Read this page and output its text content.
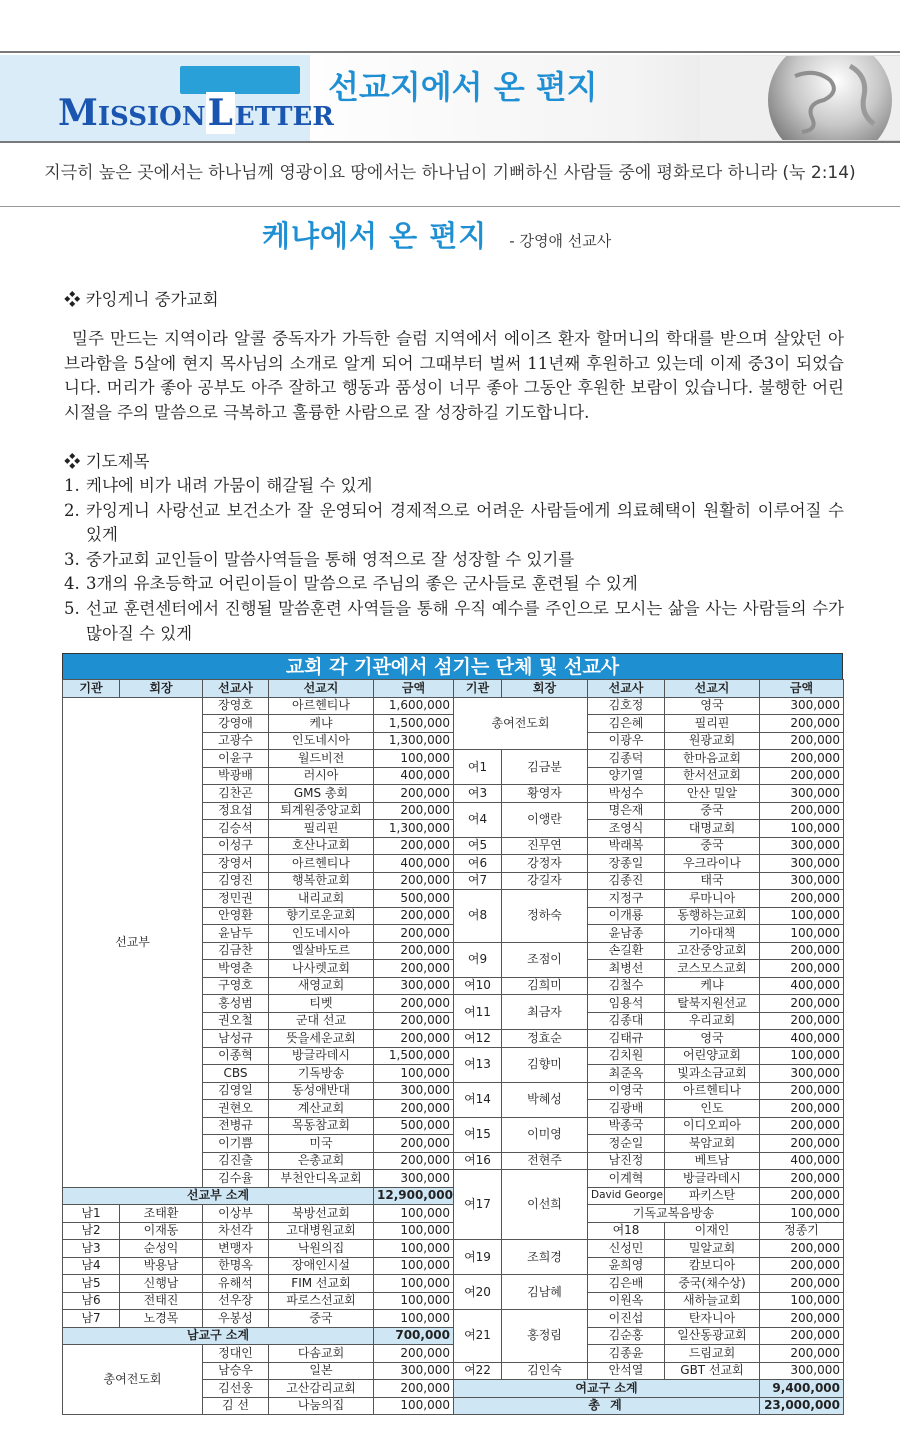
MISSIONLETTER
선교지에서 온 편지
지극히 높은 곳에서는 하나님께 영광이요 땅에서는 하나님이 기뻐하신 사람들 중에 평화로다 하니라 (눅 2:14)
케냐에서 온 편지 - 강영애 선교사
❖ 카잉게니 중가교회
밀주 만드는 지역이라 알콜 중독자가 가득한 슬럼 지역에서 에이즈 환자 할머니의 학대를 받으며 살았던 아브라함을 5살에 현지 목사님의 소개로 알게 되어 그때부터 벌써 11년째 후원하고 있는데 이제 중3이 되었습니다. 머리가 좋아 공부도 아주 잘하고 행동과 품성이 너무 좋아 그동안 후원한 보람이 있습니다. 불행한 어린시절을 주의 말씀으로 극복하고 훌륭한 사람으로 잘 성장하길 기도합니다.
❖ 기도제목
1. 케냐에 비가 내려 가뭄이 해갈될 수 있게
2. 카잉게니 사랑선교 보건소가 잘 운영되어 경제적으로 어려운 사람들에게 의료혜택이 원활히 이루어질 수 있게
3. 중가교회 교인들이 말씀사역들을 통해 영적으로 잘 성장할 수 있기를
4. 3개의 유초등학교 어린이들이 말씀으로 주님의 좋은 군사들로 훈련될 수 있게
5. 선교 훈련센터에서 진행될 말씀훈련 사역들을 통해 우직 예수를 주인으로 모시는 삶을 사는 사람들의 수가 많아질 수 있게
교회 각 기관에서 섬기는 단체 및 선교사
기관	회장	선교사	선교지	금액	기관	회장	선교사	선교지	금액	
선교부		장영호	아르헨티나	1,600,000	총여전도회		김호정	영국	300,000	
		강영애	케냐	1,500,000			김은혜	필리핀	200,000	
		고광수	인도네시아	1,300,000			이광우	원광교회	200,000	
		이윤구	월드비전	100,000	여1	김금분	김종덕	한마음교회	200,000	
		박광배	러시아	400,000			양기열	한서선교회	200,000	
		김찬곤	GMS 총회	200,000	여3	황영자	박성수	안산 밀알	300,000	
		정요섭	퇴계원중앙교회	200,000	여4	이앵란	명은재	중국	200,000	
		김승석	필리핀	1,300,000			조영식	대명교회	100,000	
		이성구	호산나교회	200,000	여5	진무연	박래복	중국	300,000	
		장영서	아르헨티나	400,000	여6	강정자	장종일	우크라이나	300,000	
		김영진	행복한교회	200,000	여7	강길자	김종진	태국	300,000	
		정민권	내리교회	500,000	여8	정하숙	지정구	루마니아	200,000	
		안영환	향기로운교회	200,000			이개룡	동행하는교회	100,000	
		윤남두	인도네시아	200,000			윤남종	기아대책	100,000	
		김금찬	엘살바도르	200,000	여9	조점이	손길환	고잔중앙교회	200,000	
		박영춘	나사렛교회	200,000			최병선	코스모스교회	200,000	
		구영호	새영교회	300,000	여10	김희미	김철수	케냐	400,000	
		홍성범	티벳	200,000	여11	최금자	임용석	탈북지원선교	200,000	
		권오철	군대 선교	200,000			김종대	우리교회	200,000	
		남성규	뜻을세운교회	200,000	여12	정효순	김태규	영국	400,000	
		이종혁	방글라데시	1,500,000	여13	김향미	김치원	어린양교회	100,000	
		CBS	기독방송	100,000			최준옥	빛과소금교회	300,000	
		김영일	동성애반대	300,000	여14	박혜성	이영국	아르헨티나	200,000	
		권현오	계산교회	200,000			김광배	인도	200,000	
		전병규	목동참교회	500,000	여15	이미영	박종국	이디오피아	200,000	
		이기쁨	미국	200,000			정순일	북암교회	200,000	
		김진출	은총교회	200,000	여16	전현주	남진정	베트남	400,000	
		김수율	부천안디옥교회	300,000	여17	이선희	이계혁	방글라데시	200,000	
선교부 소계				12,900,000			David George	파키스탄	200,000	
남1	조태환	이상부	북방선교회	100,000			기독교복음방송		100,000	
남2	이재동	차선각	고대병원교회	100,000			여18	이재인	정종기		
남3	순성익	변맹자	낙원의집	100,000	여19	조희경	신성민	밀알교회	200,000	
남4	박용남	한명옥	장애인시설	100,000			윤희영	캄보디아	200,000	
남5	신행남	유해석	FIM 선교회	100,000	여20	김남혜	김은배	중국(채수상)	200,000	
남6	전태진	선우장	파로스선교회	100,000			이원옥	새하늘교회	100,000	
남7	노경목	우봉성	중국	100,000	여21	홍정림	이진섭	탄자니아	200,000	
남교구 소계				700,000			김순홍	일산동광교회	200,000	
총여전도회		정대인	다솜교회	200,000			김종윤	드림교회	200,000	
		남승우	일본	300,000	여22	김인숙	안석열	GBT 선교회	300,000	
		김선웅	고산감리교회	200,000	여교구 소계				9,400,000	
		김 선	나눔의집	100,000	총 계				23,000,000	
